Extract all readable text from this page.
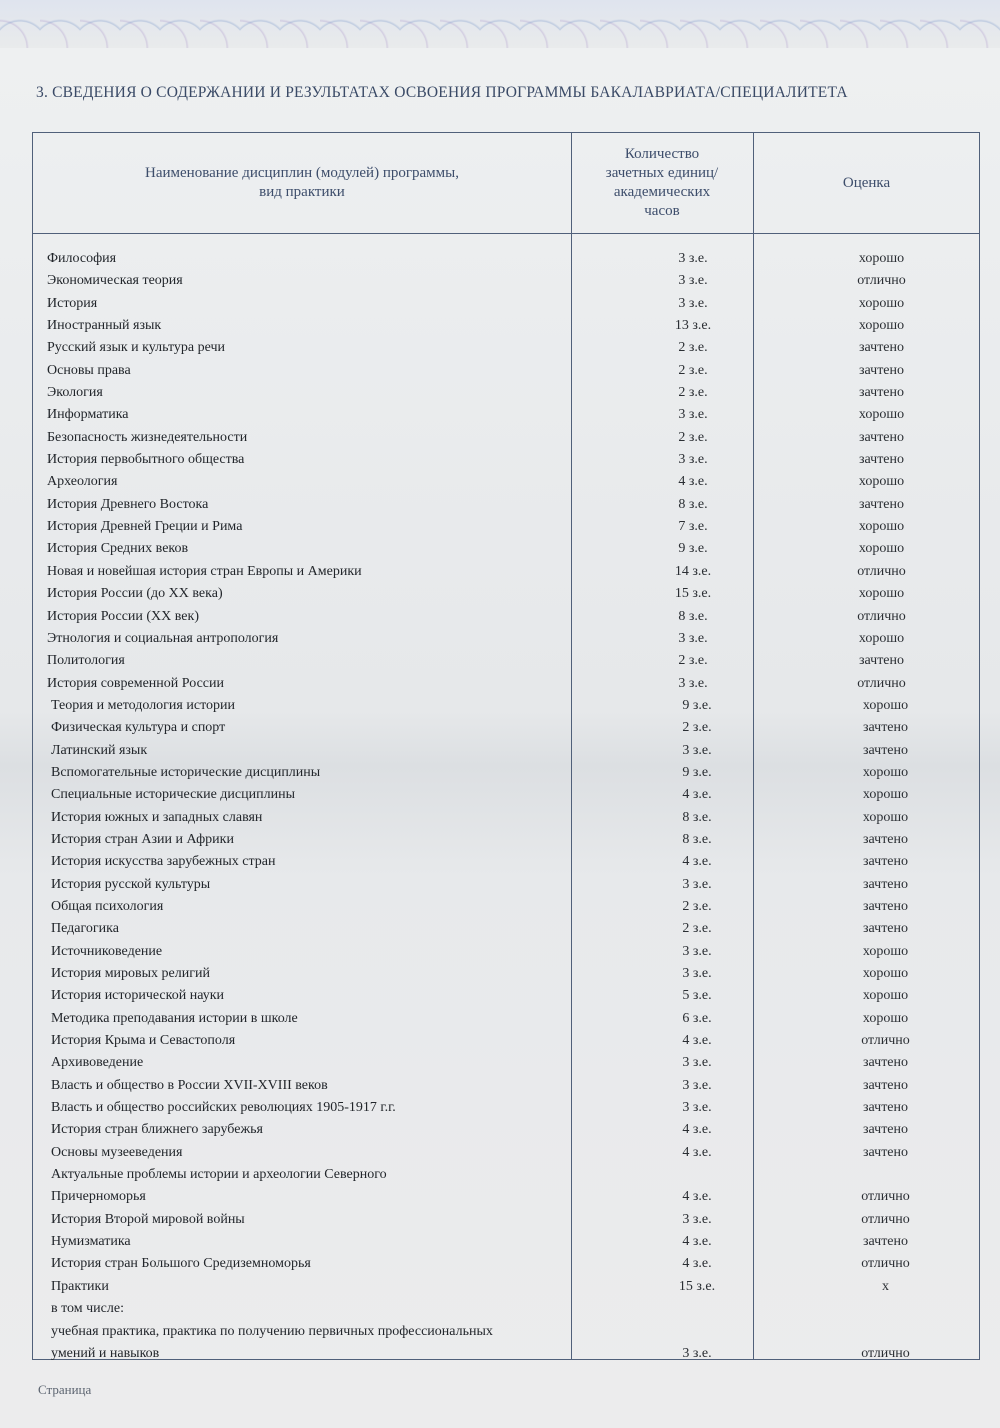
3. СВЕДЕНИЯ О СОДЕРЖАНИИ И РЕЗУЛЬТАТАХ ОСВОЕНИЯ ПРОГРАММЫ БАКАЛАВРИАТА/СПЕЦИАЛИТЕТА
Наименование дисциплин (модулей) программы,
вид практики
Количество
зачетных единиц/
академических
часов
Оценка
Философия	3 з.е.	хорошо
Экономическая теория	3 з.е.	отлично
История	3 з.е.	хорошо
Иностранный язык	13 з.е.	хорошо
Русский язык и культура речи	2 з.е.	зачтено
Основы права	2 з.е.	зачтено
Экология	2 з.е.	зачтено
Информатика	3 з.е.	хорошо
Безопасность жизнедеятельности	2 з.е.	зачтено
История первобытного общества	3 з.е.	зачтено
Археология	4 з.е.	хорошо
История Древнего Востока	8 з.е.	зачтено
История Древней Греции и Рима	7 з.е.	хорошо
История Средних веков	9 з.е.	хорошо
Новая и новейшая история стран Европы и Америки	14 з.е.	отлично
История России (до XX века)	15 з.е.	хорошо
История России (XX век)	8 з.е.	отлично
Этнология и социальная антропология	3 з.е.	хорошо
Политология	2 з.е.	зачтено
История современной России	3 з.е.	отлично
Теория и методология истории	9 з.е.	хорошо
Физическая культура и спорт	2 з.е.	зачтено
Латинский язык	3 з.е.	зачтено
Вспомогательные исторические дисциплины	9 з.е.	хорошо
Специальные исторические дисциплины	4 з.е.	хорошо
История южных и западных славян	8 з.е.	хорошо
История стран Азии и Африки	8 з.е.	зачтено
История искусства зарубежных стран	4 з.е.	зачтено
История русской культуры	3 з.е.	зачтено
Общая психология	2 з.е.	зачтено
Педагогика	2 з.е.	зачтено
Источниковедение	3 з.е.	хорошо
История мировых религий	3 з.е.	хорошо
История исторической науки	5 з.е.	хорошо
Методика преподавания истории в школе	6 з.е.	хорошо
История Крыма и Севастополя	4 з.е.	отлично
Архивоведение	3 з.е.	зачтено
Власть и общество в России XVII-XVIII веков	3 з.е.	зачтено
Власть и общество российских революциях 1905-1917 г.г.	3 з.е.	зачтено
История стран ближнего зарубежья	4 з.е.	зачтено
Основы музееведения	4 з.е.	зачтено
Актуальные проблемы истории и археологии Северного
Причерноморья	4 з.е.	отлично
История Второй мировой войны	3 з.е.	отлично
Нумизматика	4 з.е.	зачтено
История стран Большого Средиземноморья	4 з.е.	отлично
Практики	15 з.е.	х
в том числе:
учебная практика, практика по получению первичных профессиональных
умений и навыков	3 з.е.	отлично
Страница
